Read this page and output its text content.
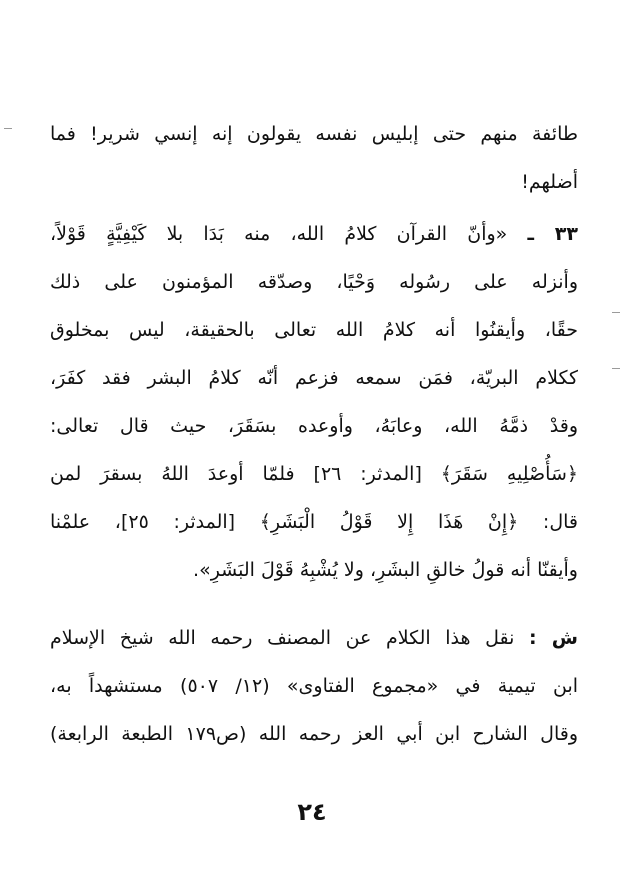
طائفة منهم حتى إبليس نفسه يقولون إنه إنسي شرير! فما
أضلهم!
٣٣ ـ «وأنّ القرآن كلامُ الله، منه بَدَا بلا كَيْفِيَّةٍ قَوْلاً،
وأنزله على رسُوله وَحْيًا، وصدّقه المؤمنون على ذلك
حقًا، وأيقنُوا أنه كلامُ الله تعالى بالحقيقة، ليس بمخلوق
ككلام البريّة، فمَن سمعه فزعم أنّه كلامُ البشر فقد كفَرَ،
وقدْ ذمَّهُ الله، وعابَهُ، وأوعده بسَقَرَ، حيث قال تعالى:
﴿سَأُصْلِيهِ سَقَرَ﴾ [المدثر: ٢٦] فلمّا أوعدَ اللهُ بسقرَ لمن
قال: ﴿إِنْ هَذَا إِلا قَوْلُ الْبَشَرِ﴾ [المدثر: ٢٥]، علمْنا
وأيقنّا أنه قولُ خالقِ البشَرِ، ولا يُشْبِهُ قَوْلَ البَشَرِ».
ش : نقل هذا الكلام عن المصنف رحمه الله شيخ الإسلام
ابن تيمية في «مجموع الفتاوى» (١٢/ ٥٠٧) مستشهداً به،
وقال الشارح ابن أبي العز رحمه الله (ص١٧٩ الطبعة الرابعة)
٢٤
